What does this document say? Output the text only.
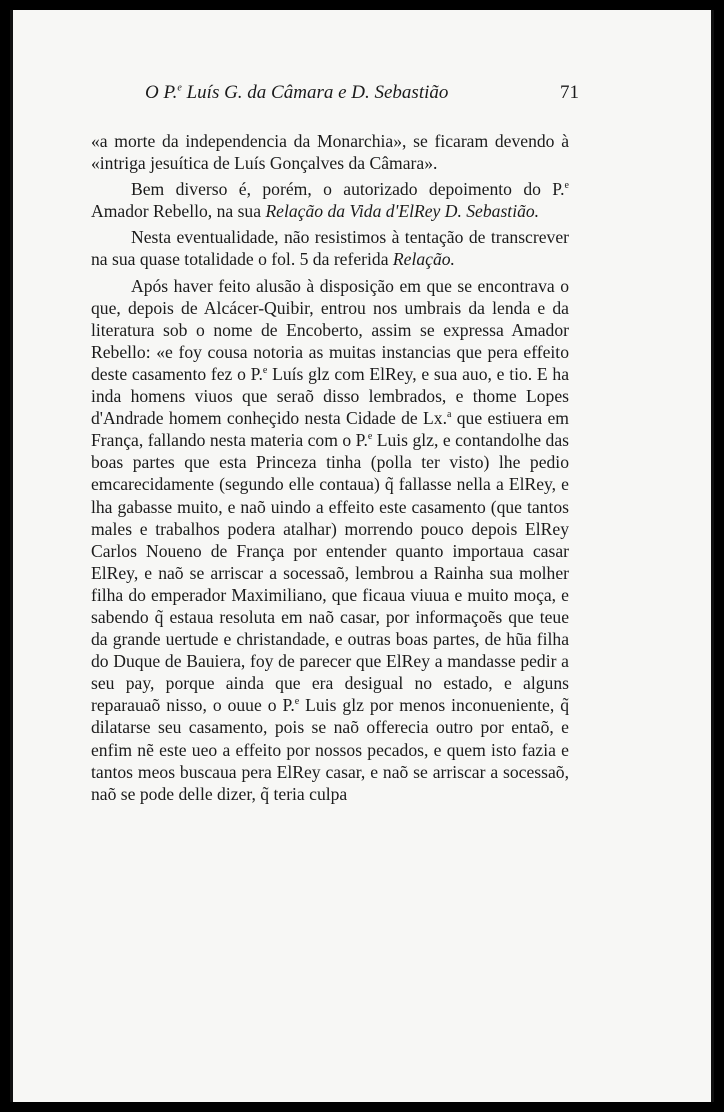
O P.$^e$ Luís G. da Câmara e D. Sebastião	71

«a morte da independencia da Monarchia», se ficaram devendo à «intriga jesuítica de Luís Gonçalves da Câmara».

Bem diverso é, porém, o autorizado depoimento do P.$^e$ Amador Rebello, na sua Relação da Vida d'ElRey D. Sebastião.

Nesta eventualidade, não resistimos à tentação de transcrever na sua quase totalidade o fol. 5 da referida Relação.

Após haver feito alusão à disposição em que se encontrava o que, depois de Alcácer-Quibir, entrou nos umbrais da lenda e da literatura sob o nome de Encoberto, assim se expressa Amador Rebello: «e foy cousa notoria as muitas instancias que pera effeito deste casamento fez o P.$^e$ Luís glz com ElRey, e sua auo, e tio. E ha inda homens viuos que seraõ disso lembrados, e thome Lopes d'Andrade homem conheçido nesta Cidade de Lx.$^a$ que estiuera em França, fallando nesta materia com o P.$^e$ Luis glz, e contandolhe das boas partes que esta Princeza tinha (polla ter visto) lhe pedio emcarecidamente (segundo elle contaua) q̃ fallasse nella a ElRey, e lha gabasse muito, e naõ uindo a effeito este casamento (que tantos males e trabalhos podera atalhar) morrendo pouco depois ElRey Carlos Noueno de França por entender quanto importaua casar ElRey, e naõ se arriscar a socessaõ, lembrou a Rainha sua molher filha do emperador Maximiliano, que ficaua viuua e muito moça, e sabendo q̃ estaua resoluta em naõ casar, por informaçoẽs que teue da grande uertude e christandade, e outras boas partes, de hũa filha do Duque de Bauiera, foy de parecer que ElRey a mandasse pedir a seu pay, porque ainda que era desigual no estado, e alguns reparauaõ nisso, o ouue o P.$^e$ Luis glz por menos inconueniente, q̃ dilatarse seu casamento, pois se naõ offerecia outro por entaõ, e enfim nẽ este ueo a effeito por nossos pecados, e quem isto fazia e tantos meos buscaua pera ElRey casar, e naõ se arriscar a socessaõ, naõ se pode delle dizer, q̃ teria culpa
